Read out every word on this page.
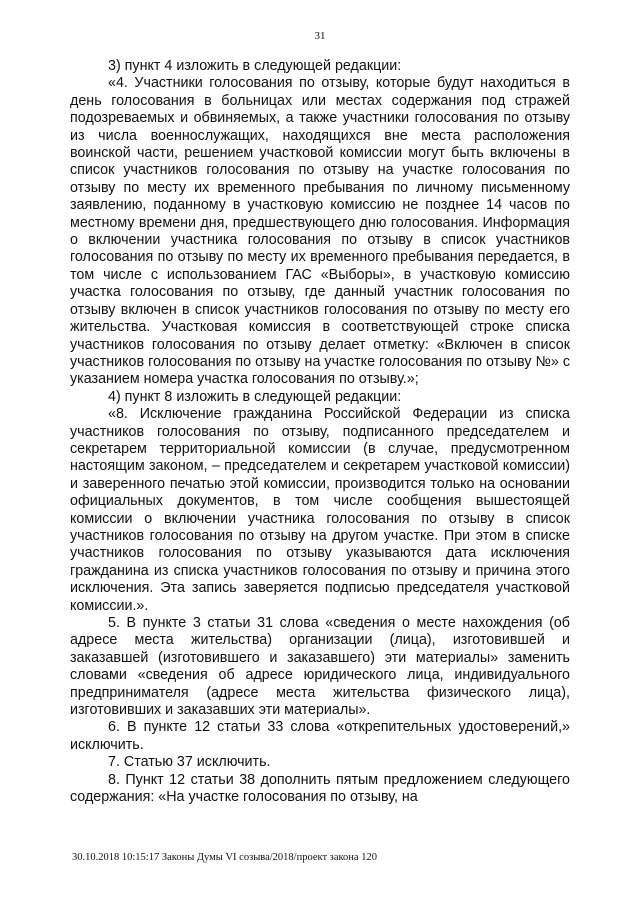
31

3) пункт 4 изложить в следующей редакции:

«4. Участники голосования по отзыву, которые будут находиться в день голосования в больницах или местах содержания под стражей подозреваемых и обвиняемых, а также участники голосования по отзыву из числа военнослужащих, находящихся вне места расположения воинской части, решением участковой комиссии могут быть включены в список участников голосования по отзыву на участке голосования по отзыву по месту их временного пребывания по личному письменному заявлению, поданному в участковую комиссию не позднее 14 часов по местному времени дня, предшествующего дню голосования. Информация о включении участника голосования по отзыву в список участников голосования по отзыву по месту их временного пребывания передается, в том числе с использованием ГАС «Выборы», в участковую комиссию участка голосования по отзыву, где данный участник голосования по отзыву включен в список участников голосования по отзыву по месту его жительства. Участковая комиссия в соответствующей строке списка участников голосования по отзыву делает отметку: «Включен в список участников голосования по отзыву на участке голосования по отзыву №» с указанием номера участка голосования по отзыву.»;

4) пункт 8 изложить в следующей редакции:

«8. Исключение гражданина Российской Федерации из списка участников голосования по отзыву, подписанного председателем и секретарем территориальной комиссии (в случае, предусмотренном настоящим законом, – председателем и секретарем участковой комиссии) и заверенного печатью этой комиссии, производится только на основании официальных документов, в том числе сообщения вышестоящей комиссии о включении участника голосования по отзыву в список участников голосования по отзыву на другом участке. При этом в списке участников голосования по отзыву указываются дата исключения гражданина из списка участников голосования по отзыву и причина этого исключения. Эта запись заверяется подписью председателя участковой комиссии.».

5. В пункте 3 статьи 31 слова «сведения о месте нахождения (об адресе места жительства) организации (лица), изготовившей и заказавшей (изготовившего и заказавшего) эти материалы» заменить словами «сведения об адресе юридического лица, индивидуального предпринимателя (адресе места жительства физического лица), изготовивших и заказавших эти материалы».

6. В пункте 12 статьи 33 слова «открепительных удостоверений,» исключить.

7. Статью 37 исключить.

8. Пункт 12 статьи 38 дополнить пятым предложением следующего содержания: «На участке голосования по отзыву, на

30.10.2018 10:15:17 Законы Думы VI созыва/2018/проект закона 120
